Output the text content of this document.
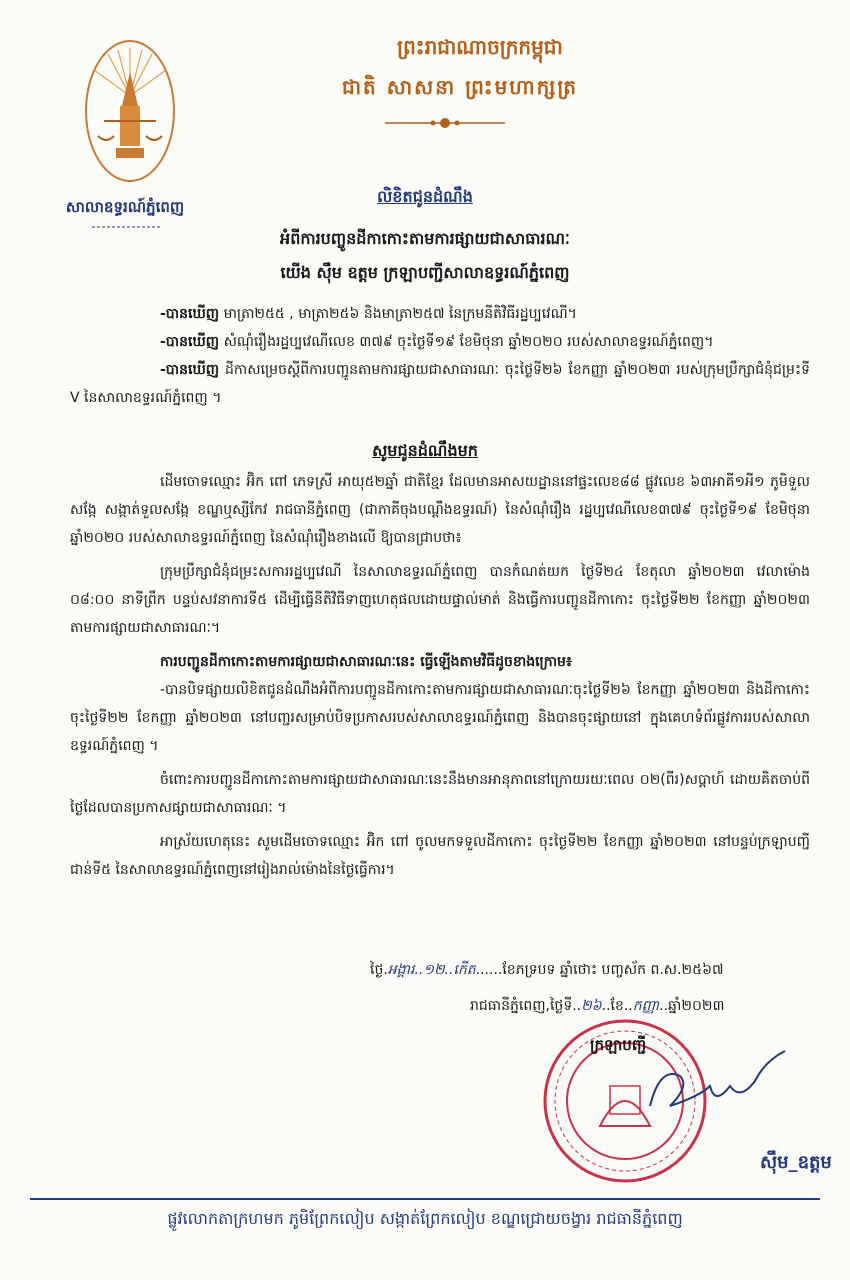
សាលាឧទ្ធរណ៍ភ្នំពេញ
ព្រះរាជាណាចក្រកម្ពុជា
ជាតិ សាសនា ព្រះមហាក្សត្រ
លិខិតជូនដំណឹង
អំពីការបញ្ចូនដីកាកោះតាមការផ្សាយជាសាធារណៈ
យើង ស៊ឹម ឧត្តម ក្រឡាបញ្ជីសាលាឧទ្ធរណ៍ភ្នំពេញ

-បានឃើញ មាត្រា២៥៥ , មាត្រា២៥៦ និងមាត្រា២៥៧ នៃក្រមនីតិវិធីរដ្ឋប្បវេណី។

-បានឃើញ សំណុំរឿងរដ្ឋប្បវេណីលេខ ៣៧៩ ចុះថ្ងៃទី១៩ ខែមិថុនា ឆ្នាំ២០២០ របស់សាលាឧទ្ធរណ៍ភ្នំពេញ។

-បានឃើញ ដីកាសម្រេចស្តីពីការបញ្ជូនតាមការផ្សាយជាសាធារណៈ ចុះថ្ងៃទី២៦ ខែកញ្ញា ឆ្នាំ២០២៣ របស់ក្រុមប្រឹក្សាជំនុំជម្រះទី V នៃសាលាឧទ្ធរណ៍ភ្នំពេញ ។

សូមជូនដំណឹងមក

ដើមចោទឈ្មោះ អ៊ិក ពៅ ភេទស្រី អាយុ៥២ឆ្នាំ ជាតិខ្មែរ ដែលមានអាសយដ្ឋាននៅផ្ទះលេខ៨៨ ផ្លូវលេខ ៦៣អាគី១អី១ ភូមិទួលសង្កែ សង្កាត់ទួលសង្កែ ខណ្ឌឬស្សីកែវ រាជធានីភ្នំពេញ (ជាភាគីចុងបណ្តឹងឧទ្ធរណ៍) នៃសំណុំរឿង រដ្ឋប្បវេណីលេខ៣៧៩ ចុះថ្ងៃទី១៩ ខែមិថុនា ឆ្នាំ២០២០ របស់សាលាឧទ្ធរណ៍ភ្នំពេញ នៃសំណុំរឿងខាងលើ ឱ្យបានជ្រាបថា៖

ក្រុមប្រឹក្សាជំនុំជម្រះសការរដ្ឋប្បវេណី នៃសាលាឧទ្ធរណ៍ភ្នំពេញ បានកំណត់យក ថ្ងៃទី២៤ ខែតុលា ឆ្នាំ២០២៣ វេលាម៉ោង ០៨:០០ នាទីព្រឹក បន្ទប់សវនាការទី៥ ដើម្បីធ្វើនីតិវិធីទាញហេតុផលដោយផ្ទាល់មាត់ និងធ្វើការបញ្ជូនដីកាកោះ ចុះថ្ងៃទី២២ ខែកញ្ញា ឆ្នាំ២០២៣ តាមការផ្សាយជាសាធារណៈ។

ការបញ្ជូនដីកាកោះតាមការផ្សាយជាសាធារណៈនេះ ធ្វើឡើងតាមវិធីដូចខាងក្រោម៖

-បានបិទផ្សាយលិខិតជូនដំណឹងអំពីការបញ្ជូនដីកាកោះតាមការផ្សាយជាសាធារណៈចុះថ្ងៃទី២៦ ខែកញ្ញា ឆ្នាំ២០២៣ និងដីកាកោះចុះថ្ងៃទី២២ ខែកញ្ញា ឆ្នាំ២០២៣ នៅបញ្ជរសម្រាប់បិទប្រកាសរបស់សាលាឧទ្ធរណ៍ភ្នំពេញ និងបានចុះផ្សាយនៅ ក្នុងគេហទំព័រផ្លូវការរបស់សាលាឧទ្ធរណ៍ភ្នំពេញ ។

ចំពោះការបញ្ជូនដីកាកោះតាមការផ្សាយជាសាធារណៈនេះនឹងមានអានុភាពនៅក្រោយរយៈពេល ០២(ពីរ)សប្តាហ៍ ដោយគិតចាប់ពីថ្ងៃដែលបានប្រកាសផ្សាយជាសាធារណៈ ។

អាស្រ័យហេតុនេះ សូមដើមចោទឈ្មោះ អ៊ិក ពៅ ចូលមកទទួលដីកាកោះ ចុះថ្ងៃទី២២ ខែកញ្ញា ឆ្នាំ២០២៣ នៅបន្ទប់ក្រឡាបញ្ជីជាន់ទី៥ នៃសាលាឧទ្ធរណ៍ភ្នំពេញនៅរៀងរាល់ម៉ោងនៃថ្ងៃធ្វើការ។

ថ្ងៃ.អង្គារ..១២..កើត......ខែភទ្របទ ឆ្នាំថោះ បញ្ចស័ក ព.ស.២៥៦៧
រាជធានីភ្នំពេញ,ថ្ងៃទី..២៦..ខែ..កញ្ញា..ឆ្នាំ២០២៣
ក្រឡាបញ្ជី
ស៊ឹម_ឧត្តម
ផ្លូវលោកតាក្រហមក ភូមិព្រែកលៀប សង្កាត់ព្រែកលៀប ខណ្ឌជ្រោយចង្វារ រាជធានីភ្នំពេញ
